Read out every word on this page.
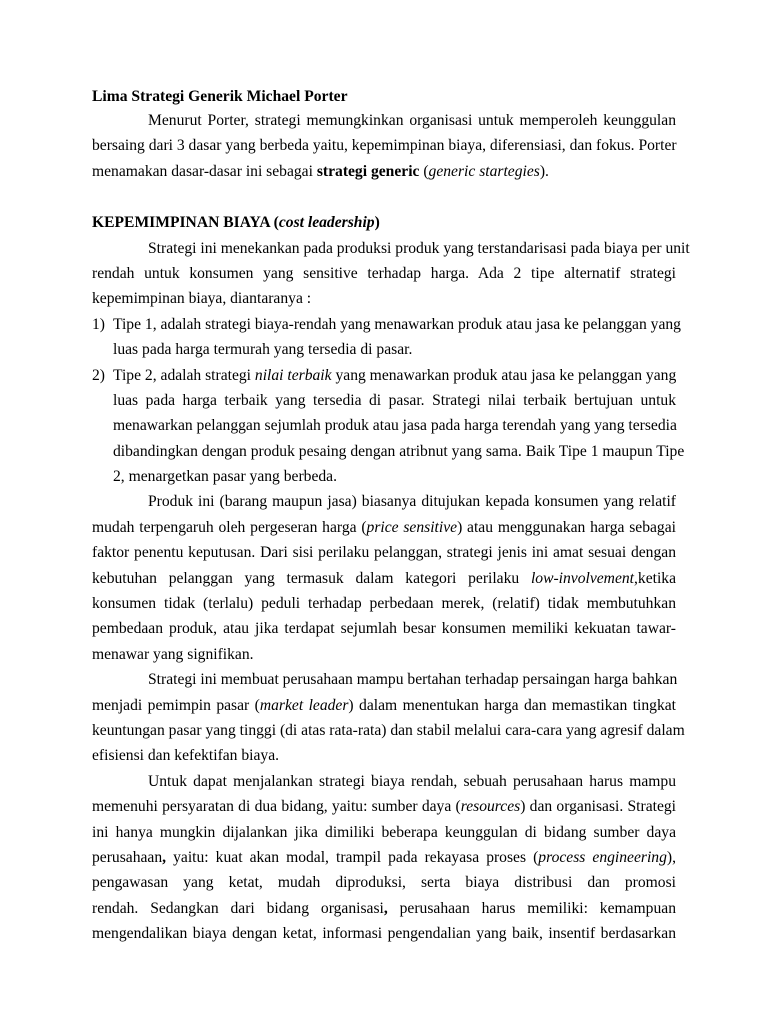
Lima Strategi Generik Michael Porter
Menurut Porter, strategi memungkinkan organisasi untuk memperoleh keunggulan
bersaing dari 3 dasar yang berbeda yaitu, kepemimpinan biaya, diferensiasi, dan fokus. Porter
menamakan dasar-dasar ini sebagai strategi generic (generic startegies).
KEPEMIMPINAN BIAYA (cost leadership)
Strategi ini menekankan pada produksi produk yang terstandarisasi pada biaya per unit
rendah untuk konsumen yang sensitive terhadap harga. Ada 2 tipe alternatif strategi
kepemimpinan biaya, diantaranya :
1) Tipe 1, adalah strategi biaya-rendah yang menawarkan produk atau jasa ke pelanggan yang
luas pada harga termurah yang tersedia di pasar.
2) Tipe 2, adalah strategi nilai terbaik yang menawarkan produk atau jasa ke pelanggan yang
luas pada harga terbaik yang tersedia di pasar. Strategi nilai terbaik bertujuan untuk
menawarkan pelanggan sejumlah produk atau jasa pada harga terendah yang yang tersedia
dibandingkan dengan produk pesaing dengan atribnut yang sama. Baik Tipe 1 maupun Tipe
2, menargetkan pasar yang berbeda.
Produk ini (barang maupun jasa) biasanya ditujukan kepada konsumen yang relatif
mudah terpengaruh oleh pergeseran harga (price sensitive) atau menggunakan harga sebagai
faktor penentu keputusan. Dari sisi perilaku pelanggan, strategi jenis ini amat sesuai dengan
kebutuhan pelanggan yang termasuk dalam kategori perilaku low-involvement,ketika
konsumen tidak (terlalu) peduli terhadap perbedaan merek, (relatif) tidak membutuhkan
pembedaan produk, atau jika terdapat sejumlah besar konsumen memiliki kekuatan tawar-
menawar yang signifikan.
Strategi ini membuat perusahaan mampu bertahan terhadap persaingan harga bahkan
menjadi pemimpin pasar (market leader) dalam menentukan harga dan memastikan tingkat
keuntungan pasar yang tinggi (di atas rata-rata) dan stabil melalui cara-cara yang agresif dalam
efisiensi dan kefektifan biaya.
Untuk dapat menjalankan strategi biaya rendah, sebuah perusahaan harus mampu
memenuhi persyaratan di dua bidang, yaitu: sumber daya (resources) dan organisasi. Strategi
ini hanya mungkin dijalankan jika dimiliki beberapa keunggulan di bidang sumber daya
perusahaan, yaitu: kuat akan modal, trampil pada rekayasa proses (process engineering),
pengawasan yang ketat, mudah diproduksi, serta biaya distribusi dan promosi
rendah. Sedangkan dari bidang organisasi, perusahaan harus memiliki: kemampuan
mengendalikan biaya dengan ketat, informasi pengendalian yang baik, insentif berdasarkan
